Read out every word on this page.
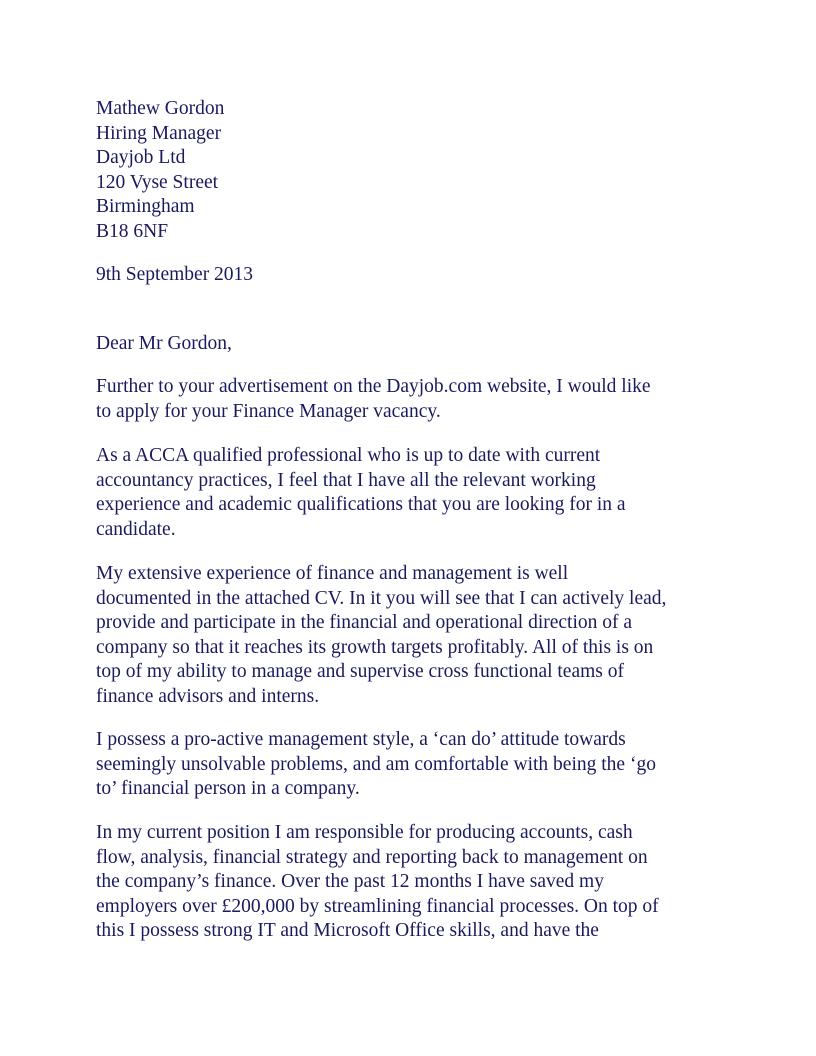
Mathew Gordon
Hiring Manager
Dayjob Ltd
120 Vyse Street
Birmingham
B18 6NF
9th September 2013
Dear Mr Gordon,
Further to your advertisement on the Dayjob.com website, I would like
to apply for your Finance Manager vacancy.
As a ACCA qualified professional who is up to date with current
accountancy practices, I feel that I have all the relevant working
experience and academic qualifications that you are looking for in a
candidate.
My extensive experience of finance and management is well
documented in the attached CV. In it you will see that I can actively lead,
provide and participate in the financial and operational direction of a
company so that it reaches its growth targets profitably. All of this is on
top of my ability to manage and supervise cross functional teams of
finance advisors and interns.
I possess a pro-active management style, a ‘can do’ attitude towards
seemingly unsolvable problems, and am comfortable with being the ‘go
to’ financial person in a company.
In my current position I am responsible for producing accounts, cash
flow, analysis, financial strategy and reporting back to management on
the company’s finance. Over the past 12 months I have saved my
employers over £200,000 by streamlining financial processes. On top of
this I possess strong IT and Microsoft Office skills, and have the
